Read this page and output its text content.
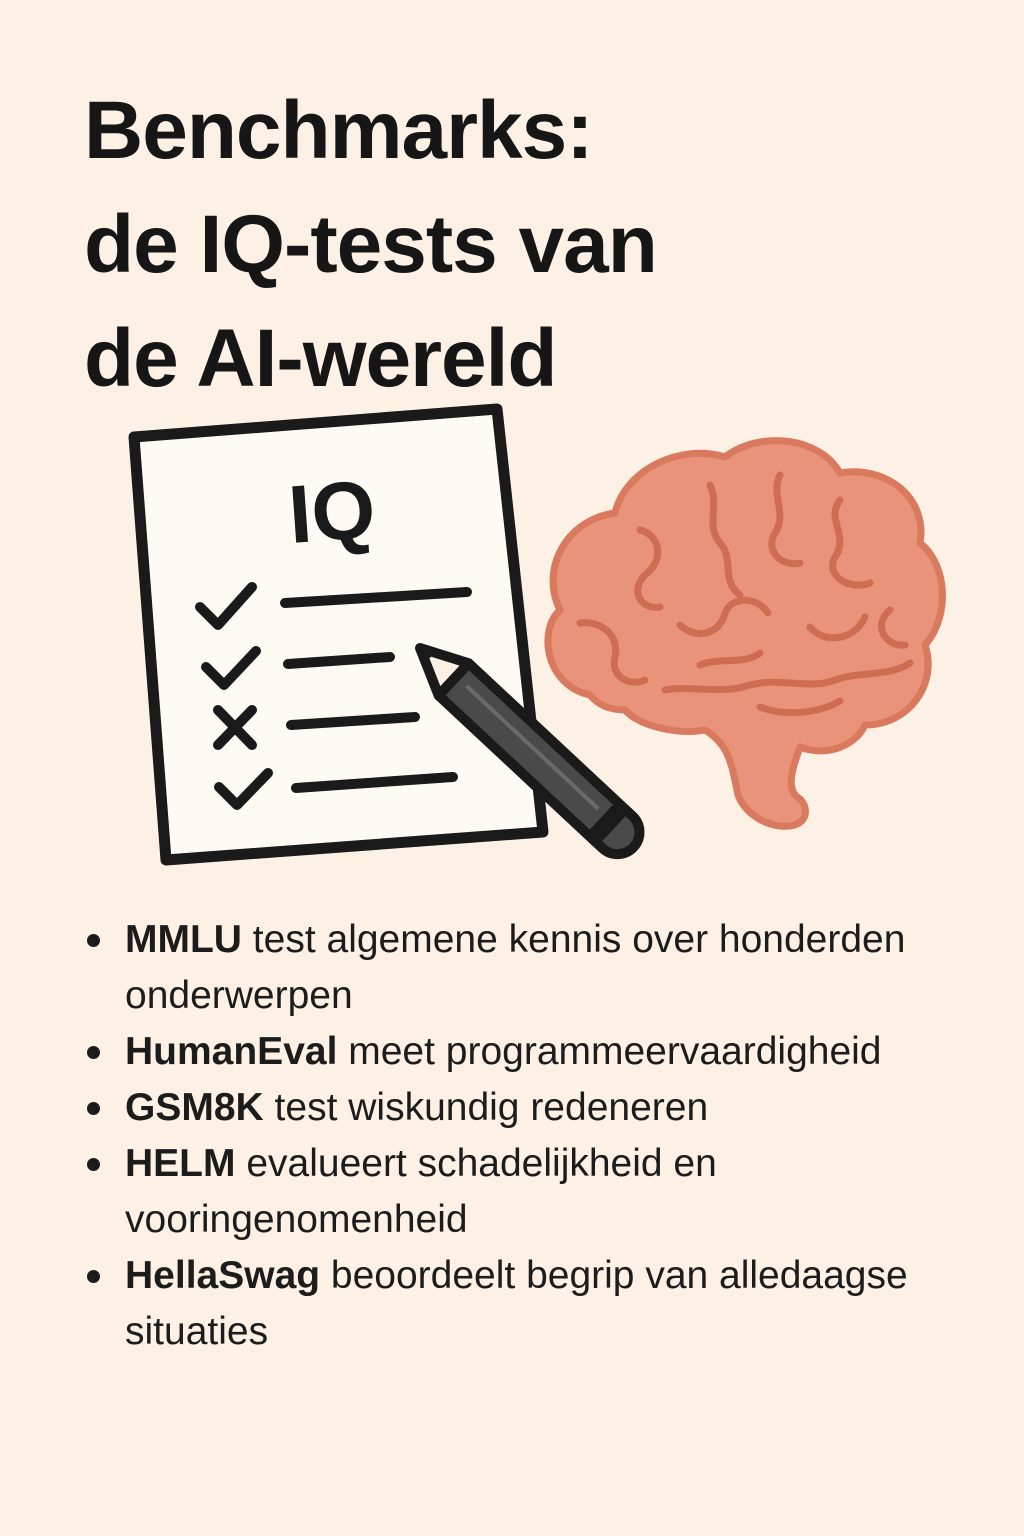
Benchmarks:
de IQ-tests van
de AI-wereld
IQ
MMLU test algemene kennis over honderden onderwerpen
HumanEval meet programmeervaardigheid
GSM8K test wiskundig redeneren
HELM evalueert schadelijkheid en vooringenomenheid
HellaSwag beoordeelt begrip van alledaagse situaties
